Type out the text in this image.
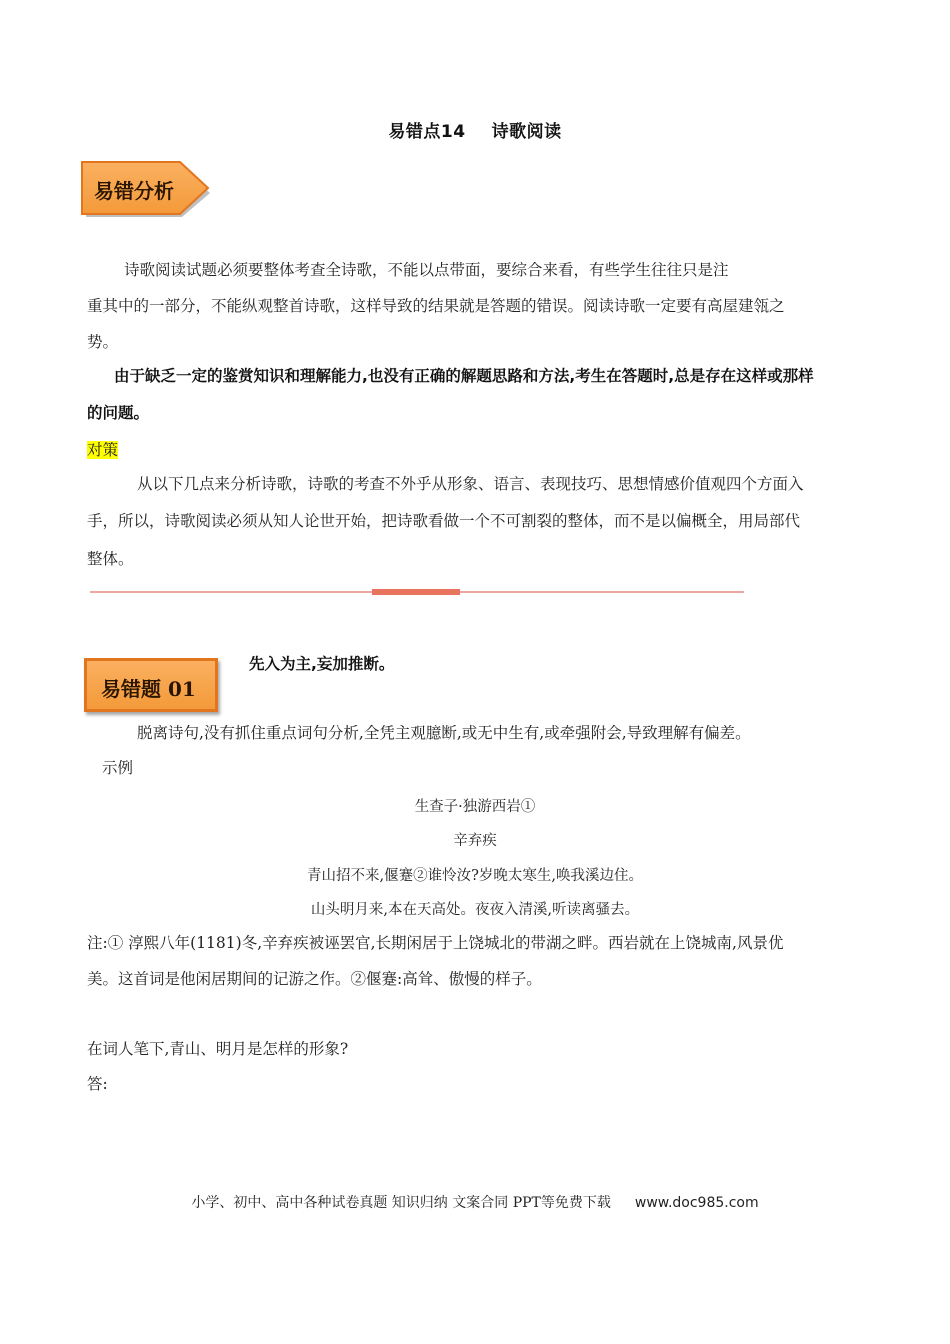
易错点14 诗歌阅读
易错分析
诗歌阅读试题必须要整体考查全诗歌，不能以点带面，要综合来看，有些学生往往只是注
重其中的一部分，不能纵观整首诗歌，这样导致的结果就是答题的错误。阅读诗歌一定要有高屋建瓴之
势。
由于缺乏一定的鉴赏知识和理解能力,也没有正确的解题思路和方法,考生在答题时,总是存在这样或那样
的问题。
对策
从以下几点来分析诗歌，诗歌的考查不外乎从形象、语言、表现技巧、思想情感价值观四个方面入
手，所以，诗歌阅读必须从知人论世开始，把诗歌看做一个不可割裂的整体，而不是以偏概全，用局部代
整体。
易错题 01
先入为主,妄加推断。
脱离诗句,没有抓住重点词句分析,全凭主观臆断,或无中生有,或牵强附会,导致理解有偏差。
示例
生查子·独游西岩①
辛弃疾
青山招不来,偃蹇②谁怜汝?岁晚太寒生,唤我溪边住。
山头明月来,本在天高处。夜夜入清溪,听读离骚去。
注:① 淳熙八年(1181)冬,辛弃疾被诬罢官,长期闲居于上饶城北的带湖之畔。西岩就在上饶城南,风景优
美。这首词是他闲居期间的记游之作。②偃蹇:高耸、傲慢的样子。
在词人笔下,青山、明月是怎样的形象?
答:
小学、初中、高中各种试卷真题 知识归纳 文案合同 PPT等免费下载 www.doc985.com
